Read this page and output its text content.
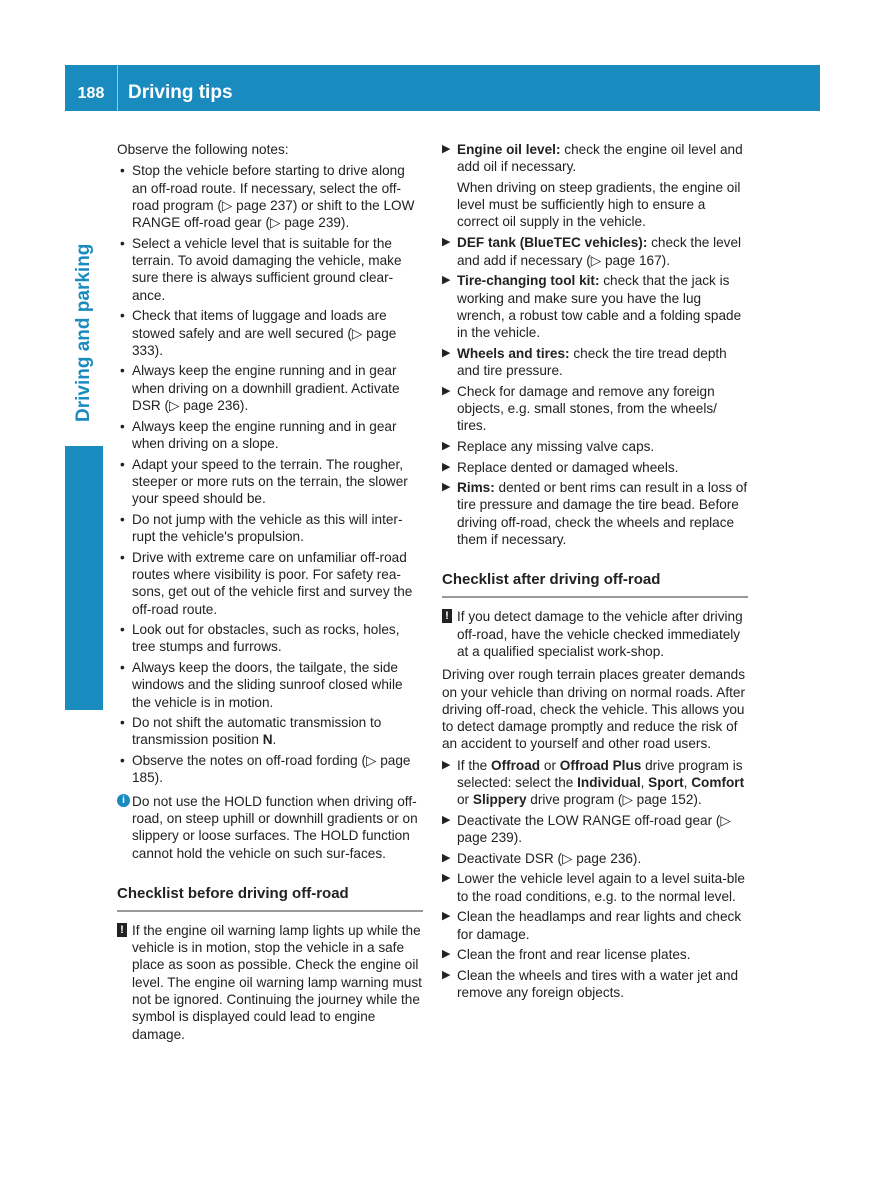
188	Driving tips
Driving and parking

Observe the following notes:

• Stop the vehicle before starting to drive along an off-road route. If necessary, select the off-road program (▷ page 237) or shift to the LOW RANGE off-road gear (▷ page 239).
• Select a vehicle level that is suitable for the terrain. To avoid damaging the vehicle, make sure there is always sufficient ground clear-ance.
• Check that items of luggage and loads are stowed safely and are well secured (▷ page 333).
• Always keep the engine running and in gear when driving on a downhill gradient. Activate DSR (▷ page 236).
• Always keep the engine running and in gear when driving on a slope.
• Adapt your speed to the terrain. The rougher, steeper or more ruts on the terrain, the slower your speed should be.
• Do not jump with the vehicle as this will inter-rupt the vehicle's propulsion.
• Drive with extreme care on unfamiliar off-road routes where visibility is poor. For safety rea-sons, get out of the vehicle first and survey the off-road route.
• Look out for obstacles, such as rocks, holes, tree stumps and furrows.
• Always keep the doors, the tailgate, the side windows and the sliding sunroof closed while the vehicle is in motion.
• Do not shift the automatic transmission to transmission position N.
• Observe the notes on off-road fording (▷ page 185).
i Do not use the HOLD function when driving off-road, on steep uphill or downhill gradients or on slippery or loose surfaces. The HOLD function cannot hold the vehicle on such sur-faces.
Checklist before driving off-road
! If the engine oil warning lamp lights up while the vehicle is in motion, stop the vehicle in a safe place as soon as possible. Check the engine oil level. The engine oil warning lamp warning must not be ignored. Continuing the journey while the symbol is displayed could lead to engine damage.
▶ Engine oil level: check the engine oil level and add oil if necessary.

When driving on steep gradients, the engine oil level must be sufficiently high to ensure a correct oil supply in the vehicle.

▶ DEF tank (BlueTEC vehicles): check the level and add if necessary (▷ page 167).
▶ Tire-changing tool kit: check that the jack is working and make sure you have the lug wrench, a robust tow cable and a folding spade in the vehicle.
▶ Wheels and tires: check the tire tread depth and tire pressure.
▶ Check for damage and remove any foreign objects, e.g. small stones, from the wheels/ tires.
▶ Replace any missing valve caps.
▶ Replace dented or damaged wheels.
▶ Rims: dented or bent rims can result in a loss of tire pressure and damage the tire bead. Before driving off-road, check the wheels and replace them if necessary.
Checklist after driving off-road
! If you detect damage to the vehicle after driving off-road, have the vehicle checked immediately at a qualified specialist work-shop.

Driving over rough terrain places greater demands on your vehicle than driving on normal roads. After driving off-road, check the vehicle. This allows you to detect damage promptly and reduce the risk of an accident to yourself and other road users.

▶ If the Offroad or Offroad Plus drive program is selected: select the Individual, Sport, Comfort or Slippery drive program (▷ page 152).
▶ Deactivate the LOW RANGE off-road gear (▷ page 239).
▶ Deactivate DSR (▷ page 236).
▶ Lower the vehicle level again to a level suita-ble to the road conditions, e.g. to the normal level.
▶ Clean the headlamps and rear lights and check for damage.
▶ Clean the front and rear license plates.
▶ Clean the wheels and tires with a water jet and remove any foreign objects.
